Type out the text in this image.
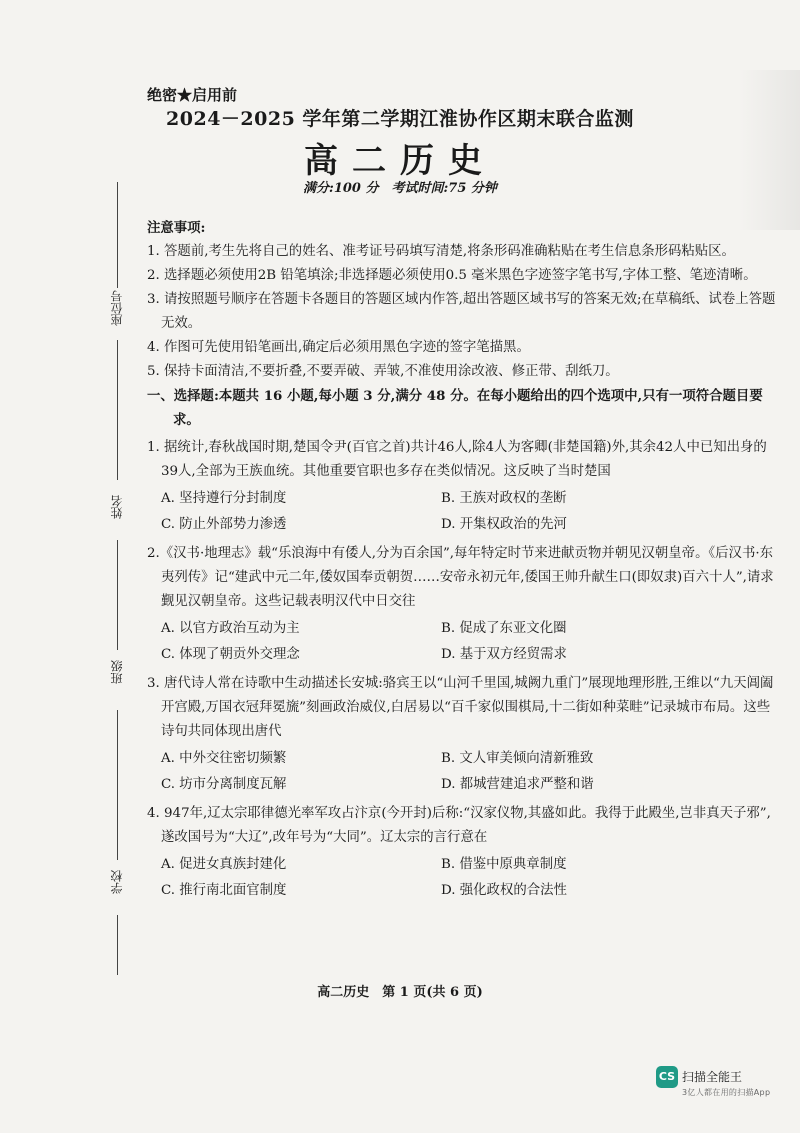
绝密★启用前
2024－2025 学年第二学期江淮协作区期末联合监测
高二历史
满分:100 分　考试时间:75 分钟
座位号
姓名
班级
学校

注意事项:

1. 答题前,考生先将自己的姓名、准考证号码填写清楚,将条形码准确粘贴在考生信息条形码粘贴区。

2. 选择题必须使用2B 铅笔填涂;非选择题必须使用0.5 毫米黑色字迹签字笔书写,字体工整、笔迹清晰。

3. 请按照题号顺序在答题卡各题目的答题区域内作答,超出答题区域书写的答案无效;在草稿纸、试卷上答题无效。

4. 作图可先使用铅笔画出,确定后必须用黑色字迹的签字笔描黑。

5. 保持卡面清洁,不要折叠,不要弄破、弄皱,不准使用涂改液、修正带、刮纸刀。

一、选择题:本题共 16 小题,每小题 3 分,满分 48 分。在每小题给出的四个选项中,只有一项符合题目要求。

1. 据统计,春秋战国时期,楚国令尹(百官之首)共计46人,除4人为客卿(非楚国籍)外,其余42人中已知出身的39人,全部为王族血统。其他重要官职也多存在类似情况。这反映了当时楚国

A. 坚持遵行分封制度	B. 王族对政权的垄断
C. 防止外部势力渗透	D. 开集权政治的先河

2.《汉书·地理志》载“乐浪海中有倭人,分为百余国”,每年特定时节来进献贡物并朝见汉朝皇帝。《后汉书·东夷列传》记“建武中元二年,倭奴国奉贡朝贺……安帝永初元年,倭国王帅升献生口(即奴隶)百六十人”,请求觐见汉朝皇帝。这些记载表明汉代中日交往

A. 以官方政治互动为主	B. 促成了东亚文化圈
C. 体现了朝贡外交理念	D. 基于双方经贸需求

3. 唐代诗人常在诗歌中生动描述长安城:骆宾王以“山河千里国,城阙九重门”展现地理形胜,王维以“九天阊阖开宫殿,万国衣冠拜冕旒”刻画政治威仪,白居易以“百千家似围棋局,十二街如种菜畦”记录城市布局。这些诗句共同体现出唐代

A. 中外交往密切频繁	B. 文人审美倾向清新雅致
C. 坊市分离制度瓦解	D. 都城营建追求严整和谐

4. 947年,辽太宗耶律德光率军攻占汴京(今开封)后称:“汉家仪物,其盛如此。我得于此殿坐,岂非真天子邪”,遂改国号为“大辽”,改年号为“大同”。辽太宗的言行意在

A. 促进女真族封建化	B. 借鉴中原典章制度
C. 推行南北面官制度	D. 强化政权的合法性
高二历史　第 1 页(共 6 页)
CS 扫描全能王
3亿人都在用的扫描App
